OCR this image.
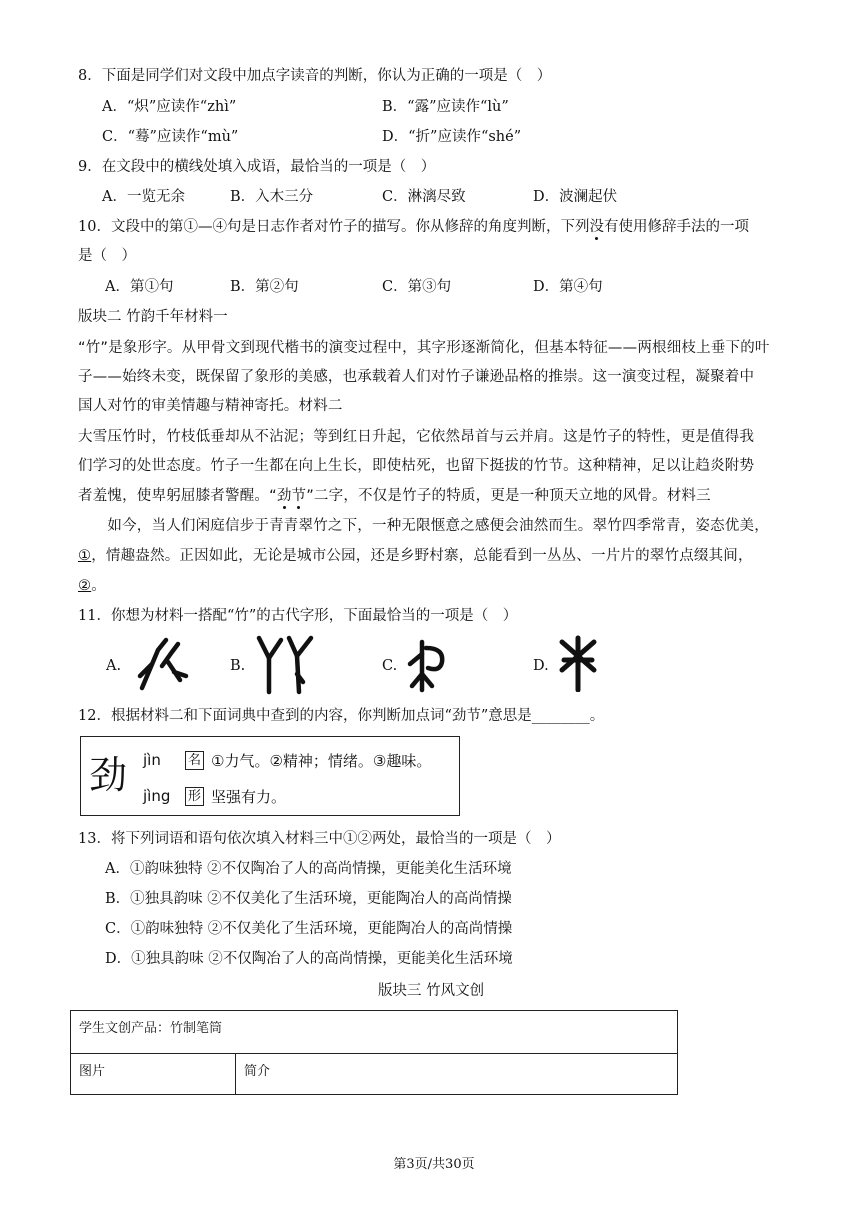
8．下面是同学们对文段中加点字读音的判断，你认为正确的一项是（　）
A．“炽”应读作“zhì”	B．“露”应读作“lù”
C．“蓦”应读作“mù”	D．“折”应读作“shé”
9．在文段中的横线处填入成语，最恰当的一项是（　）
A．一览无余	B．入木三分	C．淋漓尽致	D．波澜起伏
10．文段中的第①—④句是日志作者对竹子的描写。你从修辞的角度判断，下列没有使用修辞手法的一项
是（　）
A．第①句	B．第②句	C．第③句	D．第④句
版块二 竹韵千年材料一
“竹”是象形字。从甲骨文到现代楷书的演变过程中，其字形逐渐简化，但基本特征——两根细枝上垂下的叶
子——始终未变，既保留了象形的美感，也承载着人们对竹子谦逊品格的推崇。这一演变过程，凝聚着中
国人对竹的审美情趣与精神寄托。材料二
大雪压竹时，竹枝低垂却从不沾泥；等到红日升起，它依然昂首与云并肩。这是竹子的特性，更是值得我
们学习的处世态度。竹子一生都在向上生长，即使枯死，也留下挺拔的竹节。这种精神，足以让趋炎附势
者羞愧，使卑躬屈膝者警醒。“劲节”二字，不仅是竹子的特质，更是一种顶天立地的风骨。材料三
　　如今，当人们闲庭信步于青青翠竹之下，一种无限惬意之感便会油然而生。翠竹四季常青，姿态优美，
①，情趣盎然。正因如此，无论是城市公园，还是乡野村寨，总能看到一丛丛、一片片的翠竹点缀其间，
②。
11．你想为材料一搭配“竹”的古代字形，下面最恰当的一项是（　）
A.	B.	C.	D.
12．根据材料二和下面词典中查到的内容，你判断加点词“劲节”意思是________。
劲 jìn 名 ①力气。②精神；情绪。③趣味。
jìng 形 坚强有力。
13．将下列词语和语句依次填入材料三中①②两处，最恰当的一项是（　）
A．①韵味独特 ②不仅陶冶了人的高尚情操，更能美化生活环境
B．①独具韵味 ②不仅美化了生活环境，更能陶冶人的高尚情操
C．①韵味独特 ②不仅美化了生活环境，更能陶冶人的高尚情操
D．①独具韵味 ②不仅陶冶了人的高尚情操，更能美化生活环境
版块三 竹风文创
学生文创产品：竹制笔筒
图片	简介
第3页/共30页
